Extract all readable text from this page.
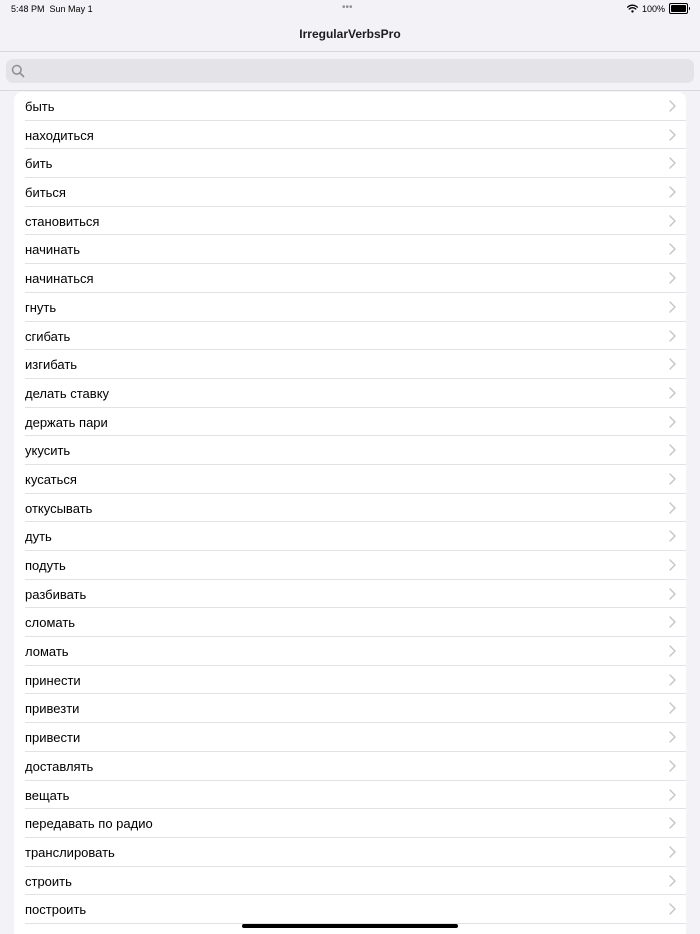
5:48 PM Sun May 1	•••	100%
IrregularVerbsPro
быть
находиться
бить
биться
становиться
начинать
начинаться
гнуть
сгибать
изгибать
делать ставку
держать пари
укусить
кусаться
откусывать
дуть
подуть
разбивать
сломать
ломать
принести
привезти
привести
доставлять
вещать
передавать по радио
транслировать
строить
построить
